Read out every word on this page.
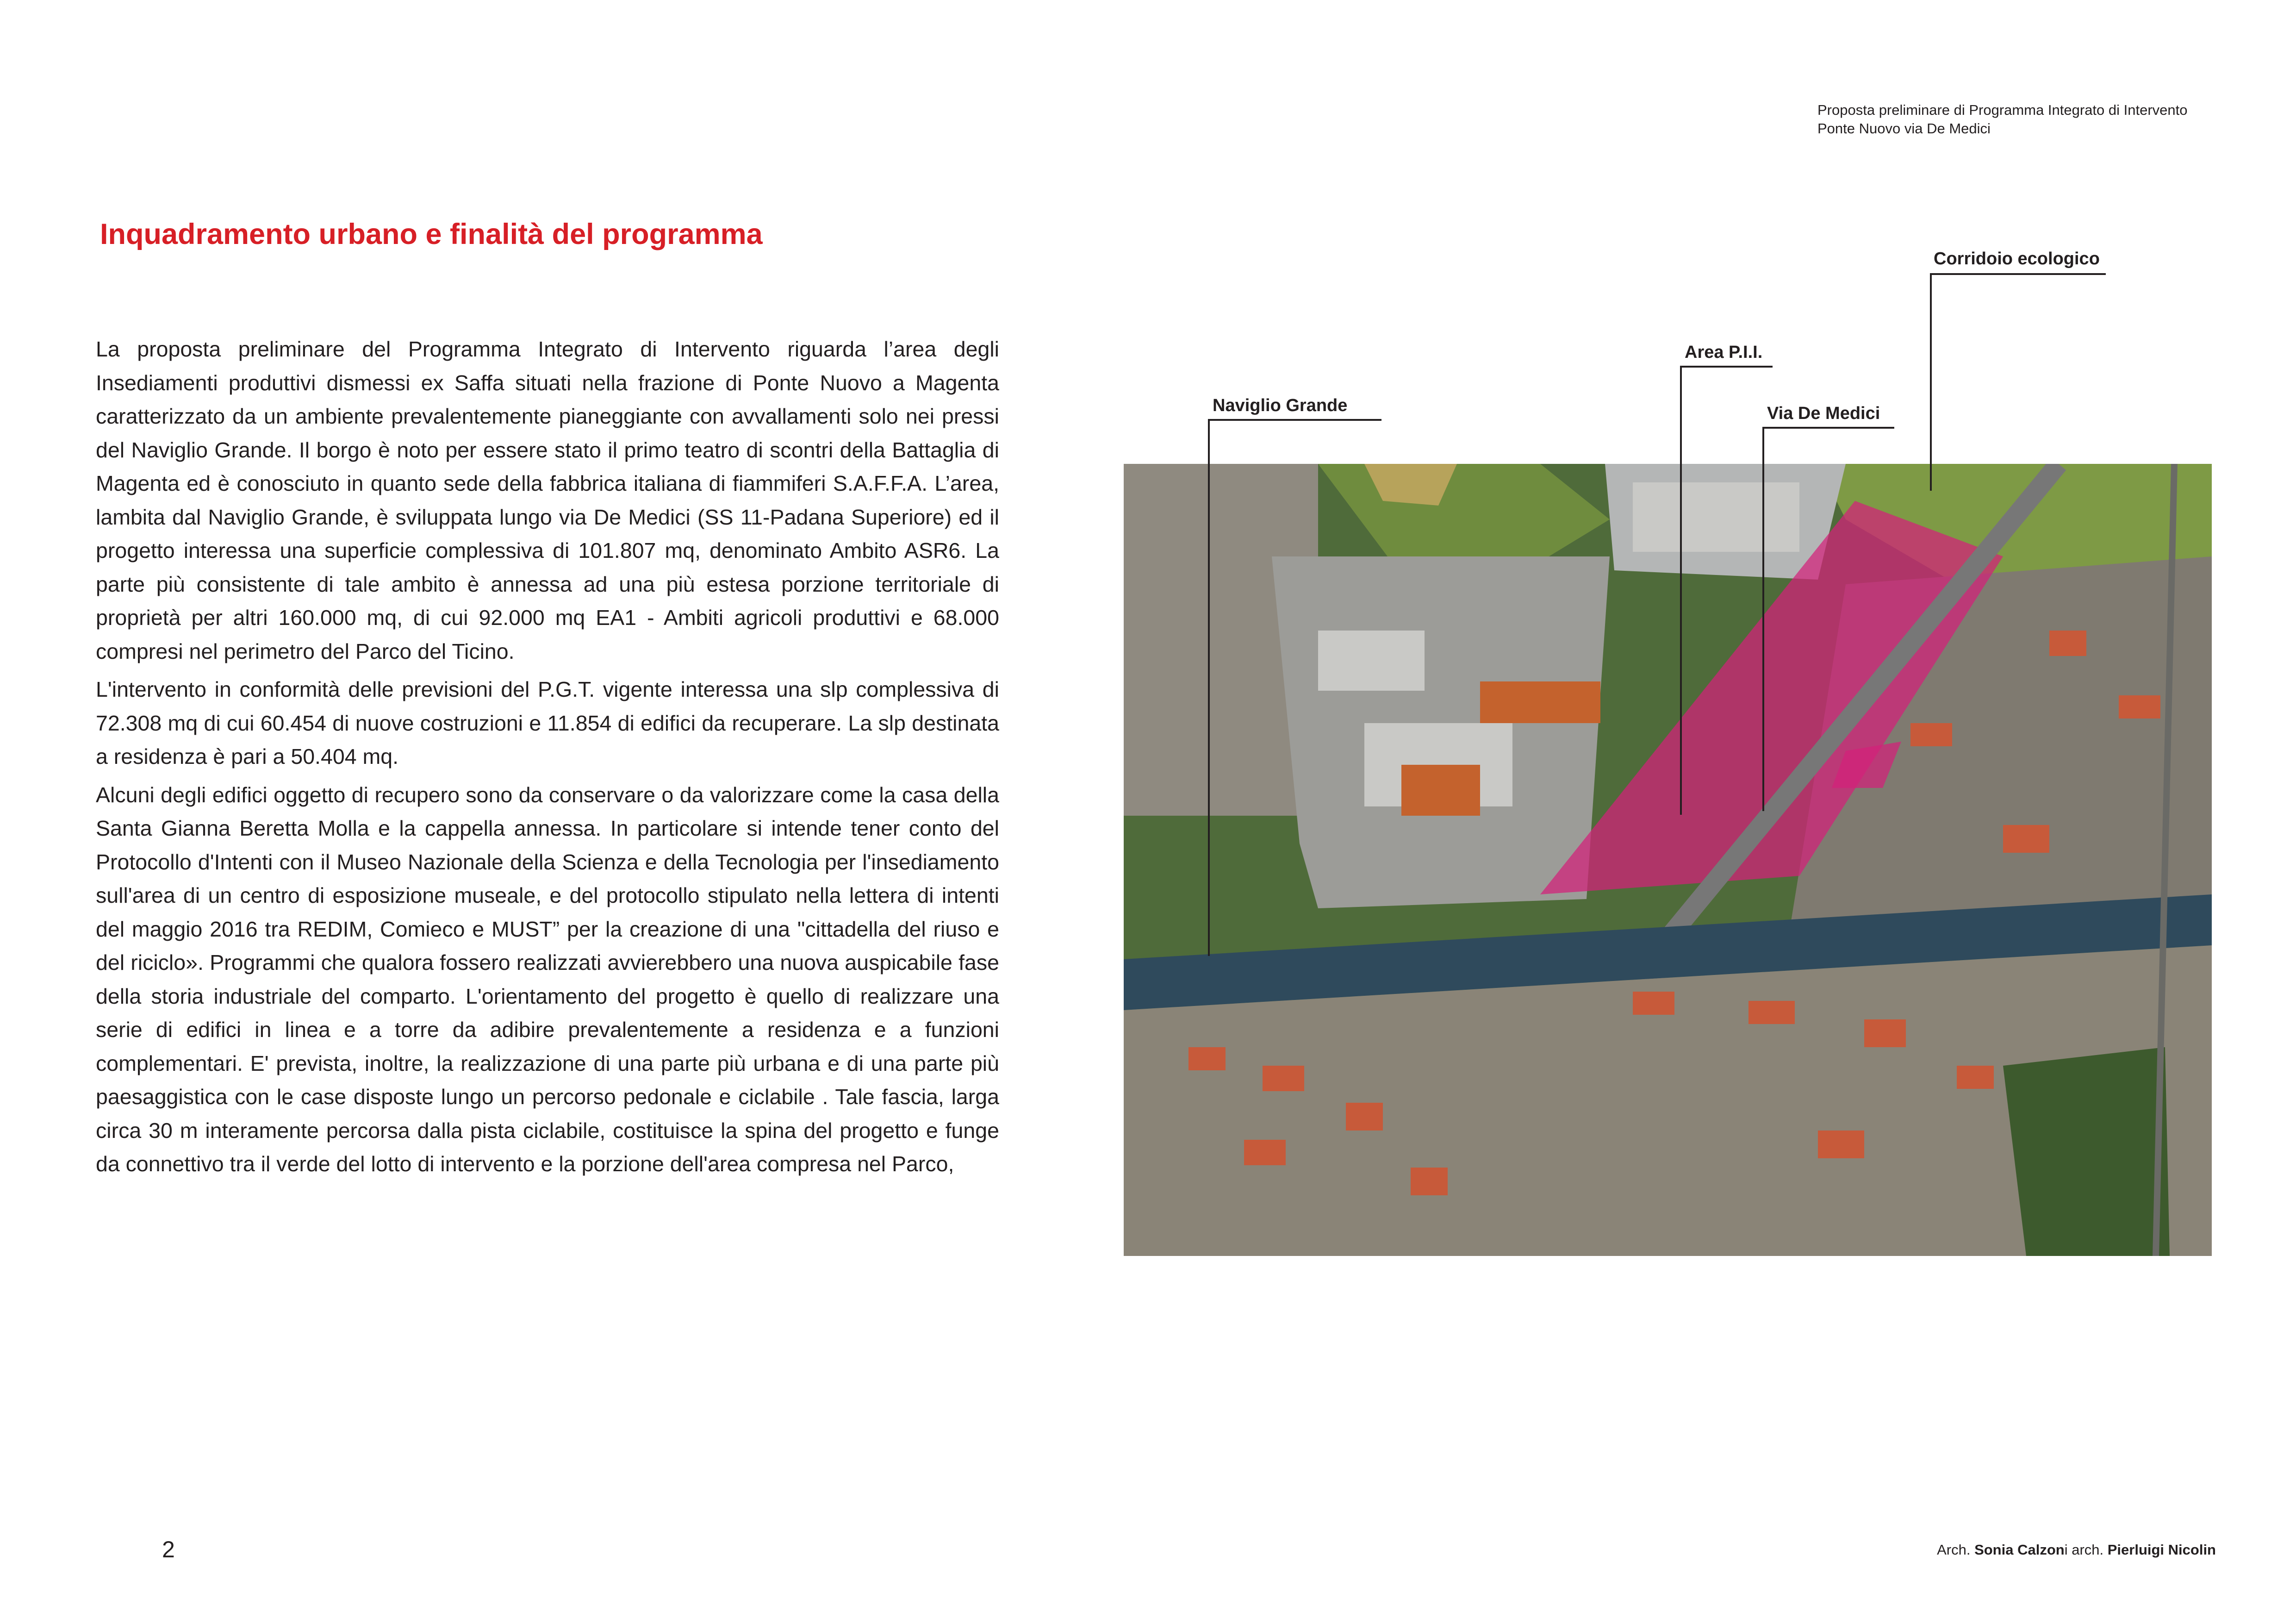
Proposta preliminare di Programma Integrato di Intervento
Ponte Nuovo via De Medici
Inquadramento urbano e finalità del programma

La proposta preliminare del Programma Integrato di Intervento riguarda l’area degli Insediamenti produttivi dismessi ex Saffa situati nella frazione di Ponte Nuovo a Magenta caratterizzato da un ambiente prevalentemente pianeggiante con avvallamenti solo nei pressi del Naviglio Grande. Il borgo è noto per essere stato il primo teatro di scontri della Battaglia di Magenta ed è conosciuto in quanto sede della fabbrica italiana di fiammiferi S.A.F.F.A. L’area, lambita dal Naviglio Grande, è sviluppata lungo via De Medici (SS 11-Padana Superiore) ed il progetto interessa una superficie complessiva di 101.807 mq, denominato Ambito ASR6. La parte più consistente di tale ambito è annessa ad una più estesa porzione territoriale di proprietà per altri 160.000 mq, di cui 92.000 mq EA1 - Ambiti agricoli produttivi e 68.000 compresi nel perimetro del Parco del Ticino.

L'intervento in conformità delle previsioni del P.G.T. vigente interessa una slp complessiva di 72.308 mq di cui 60.454 di nuove costruzioni e 11.854 di edifici da recuperare. La slp destinata a residenza è pari a 50.404 mq.

Alcuni degli edifici oggetto di recupero sono da conservare o da valorizzare come la casa della Santa Gianna Beretta Molla e la cappella annessa. In particolare si intende tener conto del Protocollo d'Intenti con il Museo Nazionale della Scienza e della Tecnologia per l'insediamento sull'area di un centro di esposizione museale, e del protocollo stipulato nella lettera di intenti del maggio 2016 tra REDIM, Comieco e MUST” per la creazione di una "cittadella del riuso e del riciclo». Programmi che qualora fossero realizzati avvierebbero una nuova auspicabile fase della storia industriale del comparto. L'orientamento del progetto è quello di realizzare una serie di edifici in linea e a torre da adibire prevalentemente a residenza e a funzioni complementari. E' prevista, inoltre, la realizzazione di una parte più urbana e di una parte più paesaggistica con le case disposte lungo un percorso pedonale e ciclabile . Tale fascia, larga circa 30 m interamente percorsa dalla pista ciclabile, costituisce la spina del progetto e funge da connettivo tra il verde del lotto di intervento e la porzione dell'area compresa nel Parco,

Corridoio ecologico
Area P.I.I.
Naviglio Grande	Via De Medici
2	Arch. Sonia Calzoni arch. Pierluigi Nicolin
